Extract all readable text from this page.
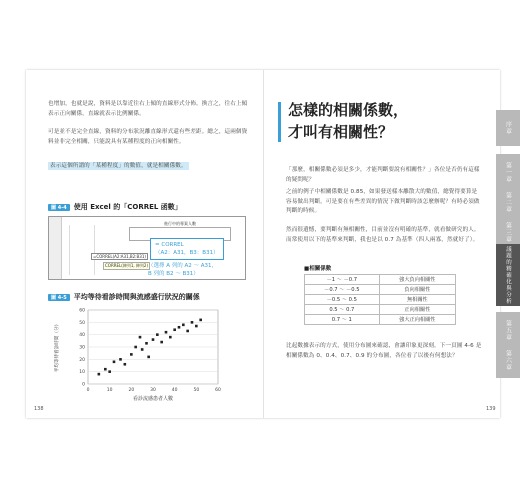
也增加，也就是說，資料是以靠近往右上傾的直線形式分佈。換言之，往右上傾表示正向關係，直線就表示比例關係。
可是並不是完全直線，資料的分布狀況離直線形式還有些差距。總之，這兩個資料並非完全相關，只能說具有某種程度的正向相關性。
表示這個所謂的「某種程度」的數值，就是相關係數。
圖 4-4 使用 Excel 的「CORREL 函數」
進行中的專案人數
=CORREL(A2:A31,B2:B31)
CORREL(陣列1, 陣列2)
= CORREL
（A2：A31，B3：B31）
（選擇 A 列的 A2 ～ A31，
B 列的 B2 ～ B31）
圖 4-5 平均等待看診時間與流感盛行狀況的關係
0
10
20
30
40
50
60
0	10	20	30	40	50	60
看診流感患者人數
平均等待看診時間（分）
138
怎樣的相關係數，
才叫有相關性？
「那麼，相關係數必須是多少，才能判斷要說有相關性？」各位是否仍有這樣的疑問呢？
之前的例子中相關係數是 0.85，如果發送樣本離散大的數值，總覺得要算是容易做出判斷。可是要在有些差異的情況下做判斷時該怎麼辦呢？有時必須做判斷的時候。
然而很遺憾，要判斷有無相關性，目前並沒有明確的基準，就看做研究的人。而常使用以下的基準來判斷，我也是以 0.7 為基準（四人兩寡，然就好了）。
■相關係數
－1 ～ －0.7	強大負向相關性
－0.7 ～ －0.5	負向相關性
－0.5 ～ 0.5	無相關性
0.5 ～ 0.7	正向相關性
0.7 ～ 1	強大正向相關性
比起數據表示的方式，使用分布圖來確認，會讓印象更深刻。下一頁圖 4-6 是相關係數為 0、0.4、0.7、0.9 的分布圖，各位看了以後有何想法？
139
序章
第一章
第二章
第三章
議題的精確化與分析
第五章
第六章
